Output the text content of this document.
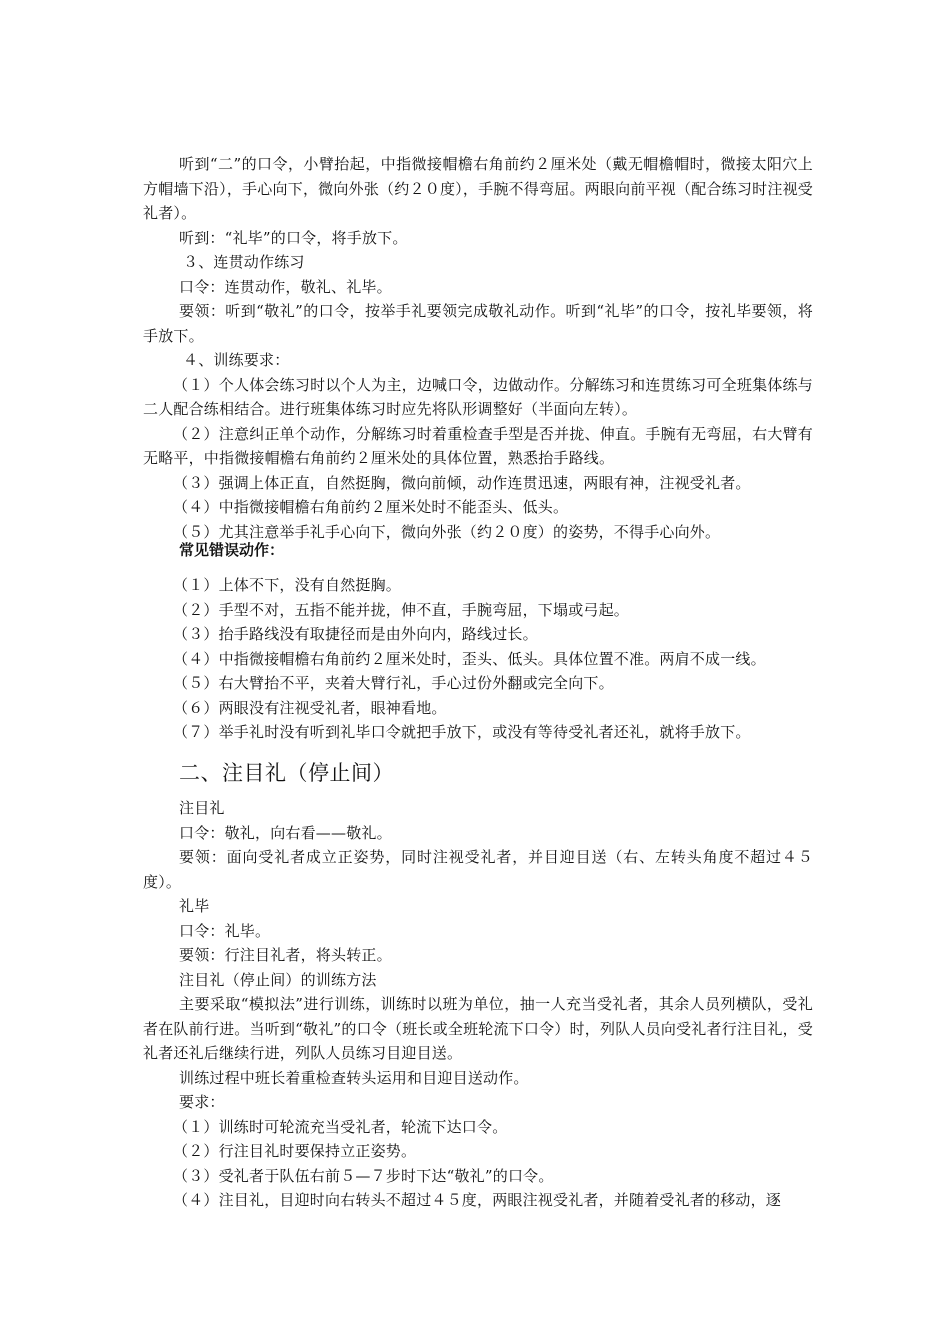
听到“二”的口令，小臂抬起，中指微接帽檐右角前约２厘米处（戴无帽檐帽时，微接太阳穴上方帽墙下沿），手心向下，微向外张（约２０度），手腕不得弯屈。两眼向前平视（配合练习时注视受礼者）。

听到：“礼毕”的口令，将手放下。

３、连贯动作练习

口令：连贯动作，敬礼、礼毕。

要领：听到“敬礼”的口令，按举手礼要领完成敬礼动作。听到“礼毕”的口令，按礼毕要领，将手放下。

４、训练要求：

（１）个人体会练习时以个人为主，边喊口令，边做动作。分解练习和连贯练习可全班集体练与二人配合练相结合。进行班集体练习时应先将队形调整好（半面向左转）。

（２）注意纠正单个动作，分解练习时着重检查手型是否并拢、伸直。手腕有无弯屈，右大臂有无略平，中指微接帽檐右角前约２厘米处的具体位置，熟悉抬手路线。

（３）强调上体正直，自然挺胸，微向前倾，动作连贯迅速，两眼有神，注视受礼者。

（４）中指微接帽檐右角前约２厘米处时不能歪头、低头。

（５）尤其注意举手礼手心向下，微向外张（约２０度）的姿势，不得手心向外。

常见错误动作：

（１）上体不下，没有自然挺胸。

（２）手型不对，五指不能并拢，伸不直，手腕弯屈，下塌或弓起。

（３）抬手路线没有取捷径而是由外向内，路线过长。

（４）中指微接帽檐右角前约２厘米处时，歪头、低头。具体位置不准。两肩不成一线。

（５）右大臂抬不平，夹着大臂行礼，手心过份外翻或完全向下。

（６）两眼没有注视受礼者，眼神看地。

（７）举手礼时没有听到礼毕口令就把手放下，或没有等待受礼者还礼，就将手放下。

二、注目礼（停止间）

注目礼

口令：敬礼，向右看——敬礼。

要领：面向受礼者成立正姿势，同时注视受礼者，并目迎目送（右、左转头角度不超过４５度）。

礼毕

口令：礼毕。

要领：行注目礼者，将头转正。

注目礼（停止间）的训练方法

主要采取“模拟法”进行训练，训练时以班为单位，抽一人充当受礼者，其余人员列横队，受礼者在队前行进。当听到“敬礼”的口令（班长或全班轮流下口令）时，列队人员向受礼者行注目礼，受礼者还礼后继续行进，列队人员练习目迎目送。

训练过程中班长着重检查转头运用和目迎目送动作。

要求：

（１）训练时可轮流充当受礼者，轮流下达口令。

（２）行注目礼时要保持立正姿势。

（３）受礼者于队伍右前５—７步时下达“敬礼”的口令。

（４）注目礼，目迎时向右转头不超过４５度，两眼注视受礼者，并随着受礼者的移动，逐
